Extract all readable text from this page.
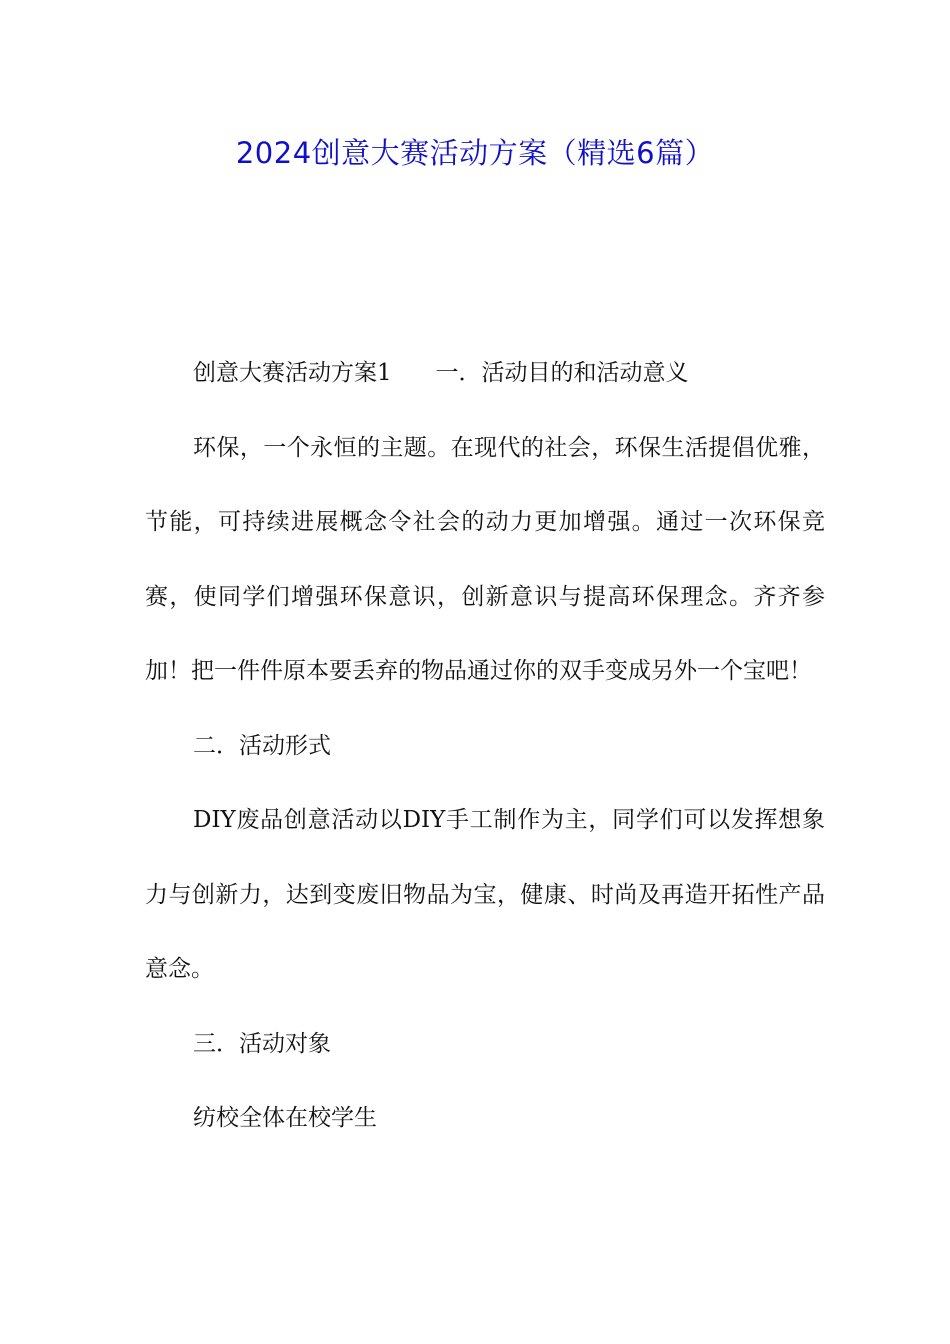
2024创意大赛活动方案（精选6篇）

创意大赛活动方案1      一．活动目的和活动意义

环保，一个永恒的主题。在现代的社会，环保生活提倡优雅，节能，可持续进展概念令社会的动力更加增强。通过一次环保竞赛，使同学们增强环保意识，创新意识与提高环保理念。齐齐参加！把一件件原本要丢弃的物品通过你的双手变成另外一个宝吧！

二．活动形式

DIY废品创意活动以DIY手工制作为主，同学们可以发挥想象力与创新力，达到变废旧物品为宝，健康、时尚及再造开拓性产品意念。

三．活动对象

纺校全体在校学生
